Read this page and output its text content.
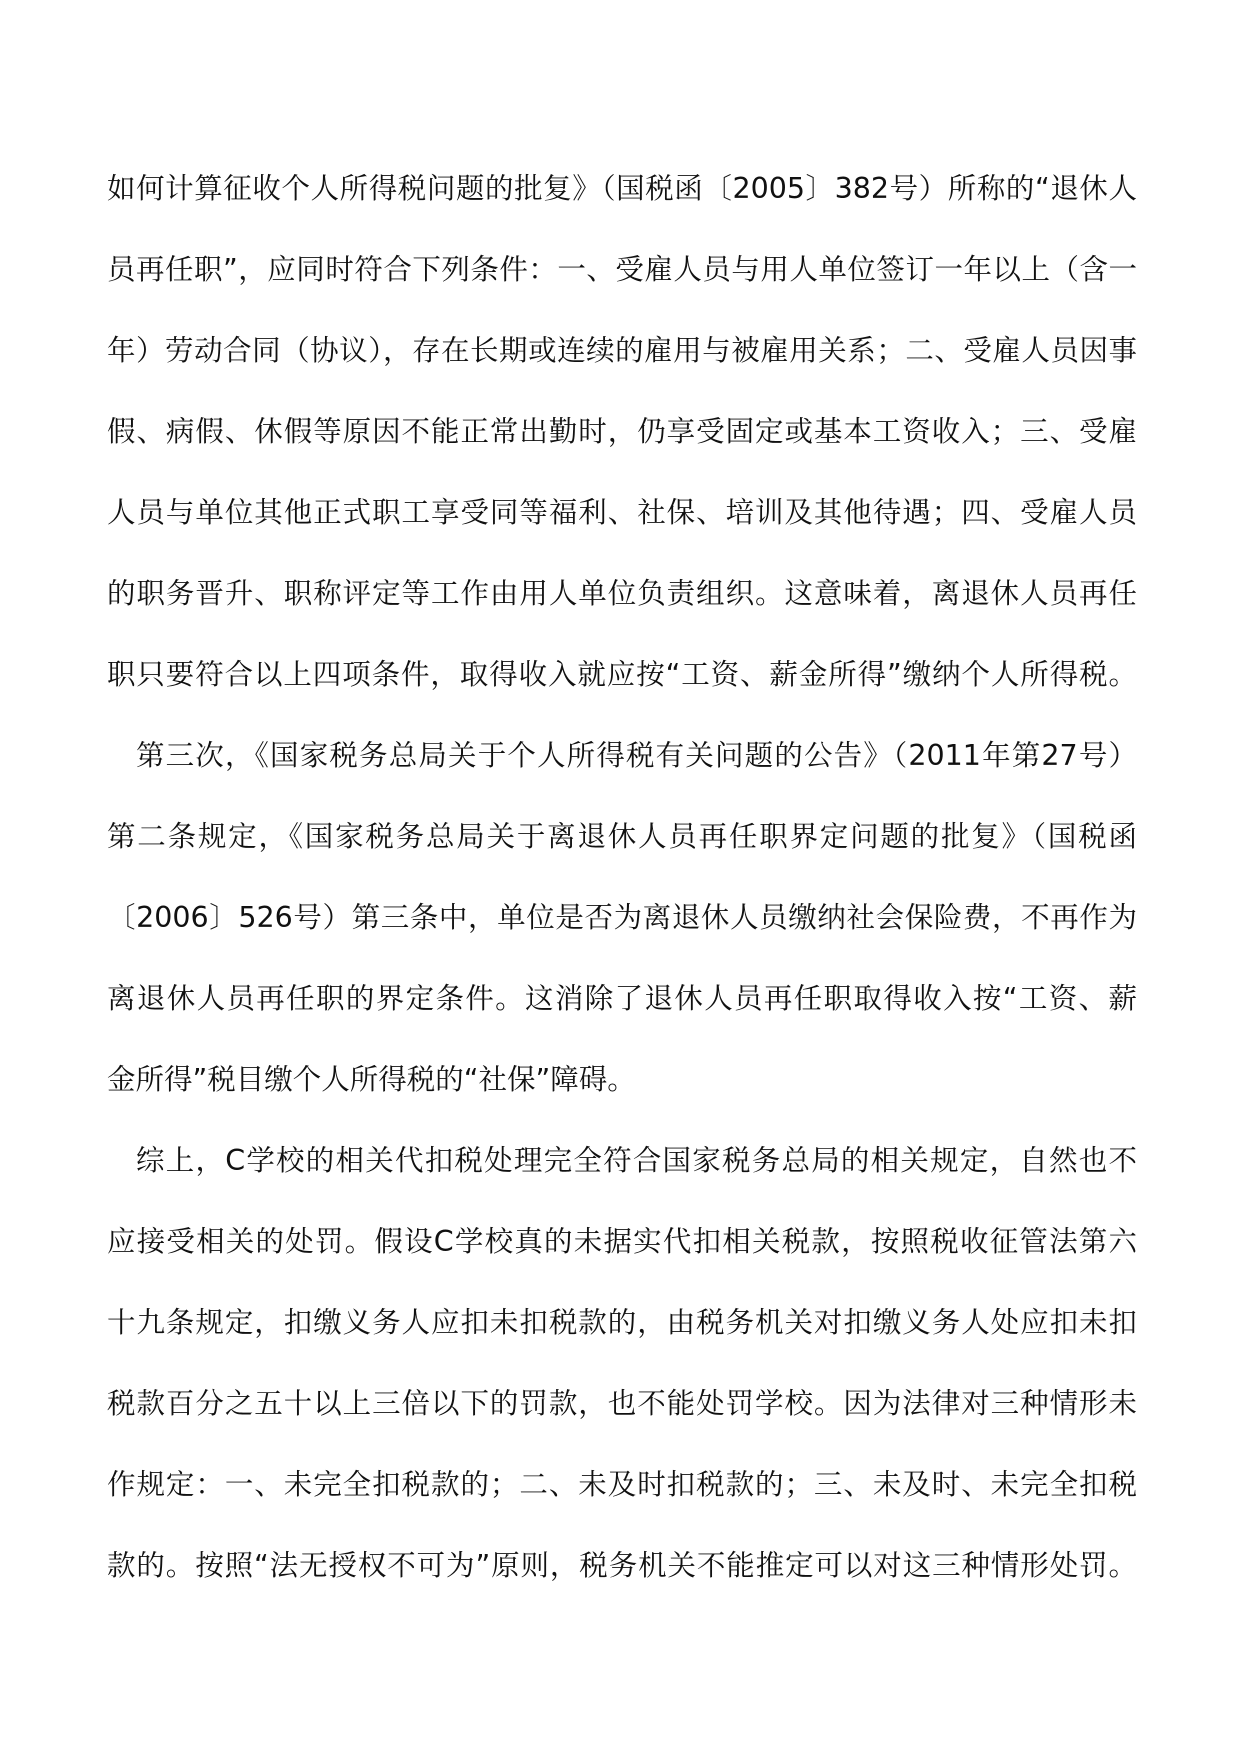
如何计算征收个人所得税问题的批复》（国税函〔2005〕382号）所称的“退休人
员再任职”，应同时符合下列条件：一、受雇人员与用人单位签订一年以上（含一
年）劳动合同（协议），存在长期或连续的雇用与被雇用关系；二、受雇人员因事
假、病假、休假等原因不能正常出勤时，仍享受固定或基本工资收入；三、受雇
人员与单位其他正式职工享受同等福利、社保、培训及其他待遇；四、受雇人员
的职务晋升、职称评定等工作由用人单位负责组织。这意味着，离退休人员再任
职只要符合以上四项条件，取得收入就应按“工资、薪金所得”缴纳个人所得税。
第三次，《国家税务总局关于个人所得税有关问题的公告》（2011年第27号）
第二条规定，《国家税务总局关于离退休人员再任职界定问题的批复》（国税函
〔2006〕526号）第三条中，单位是否为离退休人员缴纳社会保险费，不再作为
离退休人员再任职的界定条件。这消除了退休人员再任职取得收入按“工资、薪
金所得”税目缴个人所得税的“社保”障碍。
综上，C学校的相关代扣税处理完全符合国家税务总局的相关规定，自然也不
应接受相关的处罚。假设C学校真的未据实代扣相关税款，按照税收征管法第六
十九条规定，扣缴义务人应扣未扣税款的，由税务机关对扣缴义务人处应扣未扣
税款百分之五十以上三倍以下的罚款，也不能处罚学校。因为法律对三种情形未
作规定：一、未完全扣税款的；二、未及时扣税款的；三、未及时、未完全扣税
款的。按照“法无授权不可为”原则，税务机关不能推定可以对这三种情形处罚。
